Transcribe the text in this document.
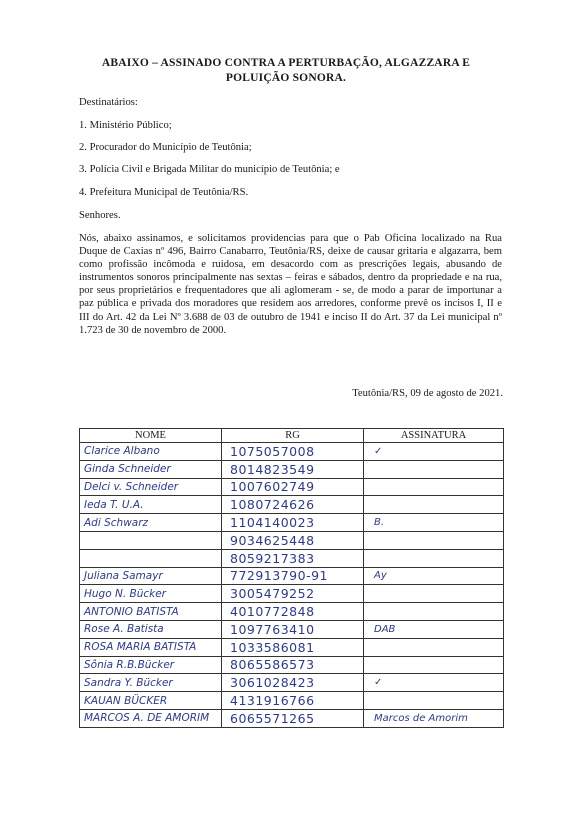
ABAIXO – ASSINADO CONTRA A PERTURBAÇÃO, ALGAZZARA E
POLUIÇÃO SONORA.

Destinatários:

1. Ministério Público;

2. Procurador do Município de Teutônia;

3. Polícia Civil e Brigada Militar do município de Teutônia; e

4. Prefeitura Municipal de Teutônia/RS.

Senhores.

Nós, abaixo assinamos, e solicitamos providencias para que o Pab Oficina localizado na Rua Duque de Caxias nº 496, Bairro Canabarro, Teutônia/RS, deixe de causar gritaria e algazarra, bem como profissão incômoda e ruidosa, em desacordo com as prescrições legais, abusando de instrumentos sonoros principalmente nas sextas – feiras e sábados, dentro da propriedade e na rua, por seus proprietários e frequentadores que ali aglomeram - se, de modo a parar de importunar a paz pública e privada dos moradores que residem aos arredores, conforme prevê os incisos I, II e III do Art. 42 da Lei Nº 3.688 de 03 de outubro de 1941 e inciso II do Art. 37 da Lei municipal nº 1.723 de 30 de novembro de 2000.

Teutônia/RS, 09 de agosto de 2021.
NOME	RG	ASSINATURA

Clarice Albano	1075057008	✓

Ginda Schneider	8014823549	

Delci v. Schneider	1007602749	

Ieda T. U.A.	1080724626	

Adi Schwarz	1104140023	B.

	9034625448	

	8059217383	

Juliana Samayr	772913790-91	Ay

Hugo N. Bücker	3005479252	

ANTONIO BATISTA	4010772848	

Rose A. Batista	1097763410	DAB

ROSA MARIA BATISTA	1033586081	

Sônia R.B.Bücker	8065586573	

Sandra Y. Bücker	3061028423	✓

KAUAN BÜCKER	4131916766	

MARCOS A. DE AMORIM	6065571265	Marcos de Amorim
